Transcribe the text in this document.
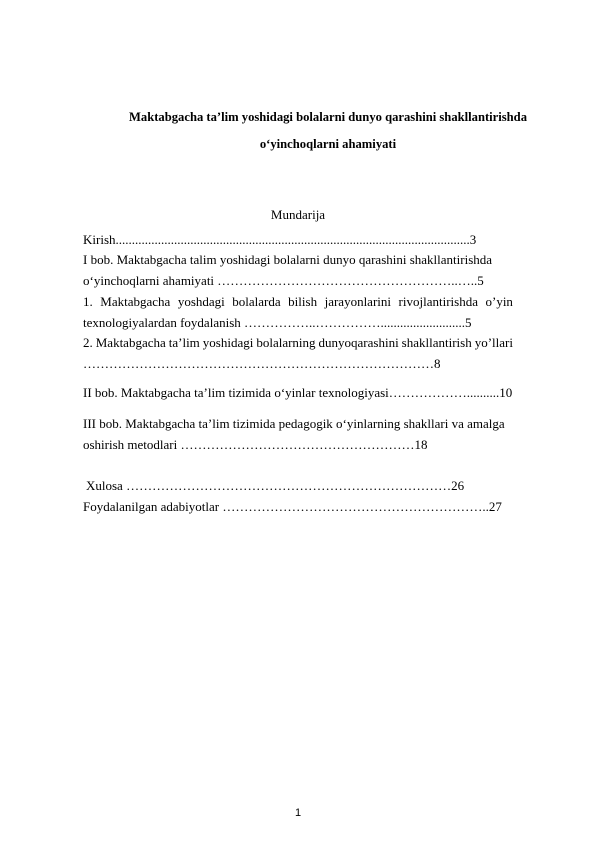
Maktabgacha ta’lim yoshidagi bolalarni dunyo qarashini shakllantirishda

o‘yinchoqlarni ahamiyati

Mundarija

Kirish.............................................................................................................3

I bob. Maktabgacha talim yoshidagi bolalarni dunyo qarashini shakllantirishda

o‘yinchoqlarni ahamiyati ………………………………………………..…..5

1. Maktabgacha yoshdagi bolalarda bilish jarayonlarini rivojlantirishda o’yin

texnologiyalardan foydalanish ……………..……………..........................5

2. Maktabgacha ta’lim yoshidagi bolalarning dunyoqarashini shakllantirish yo’llari

………………………………………………………………………8

II bob. Maktabgacha ta’lim tizimida o‘yinlar texnologiyasi………………..........10

III bob. Maktabgacha ta’lim tizimida pedagogik o‘yinlarning shakllari va amalga

oshirish metodlari ………………………………………………18

Xulosa …………………………………………………………………26

Foydalanilgan adabiyotlar ……………………………………………………..27

1
